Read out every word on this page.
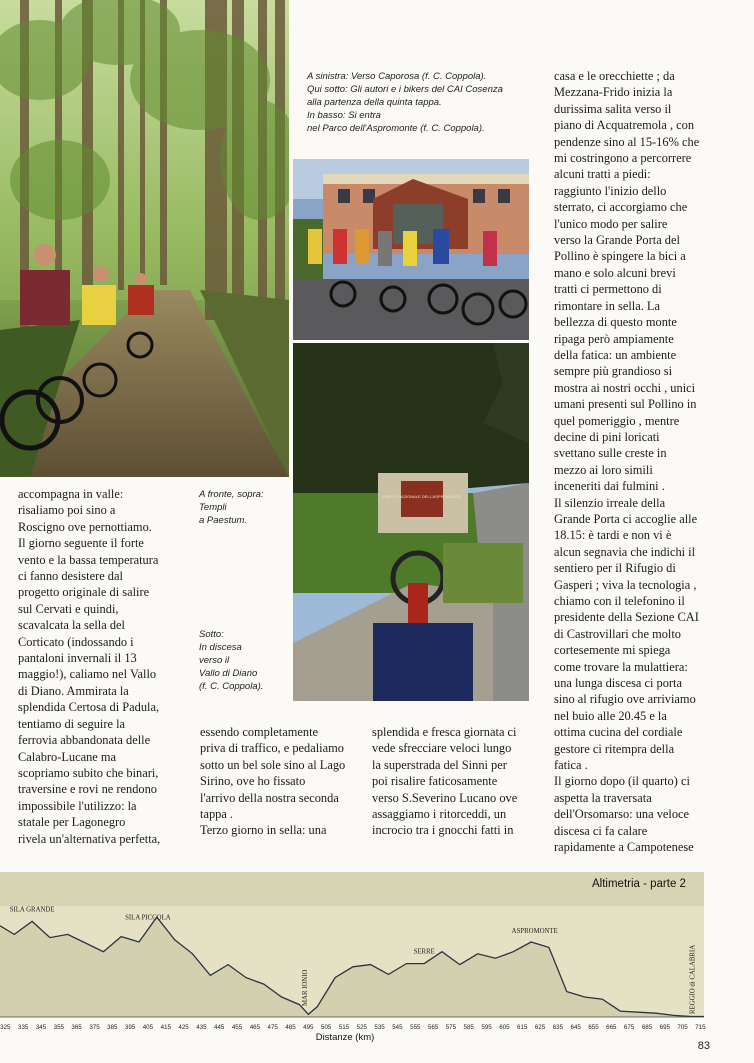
A sinistra: Verso Caporosa (f. C. Coppola).
Qui sotto: Gli autori e i bikers del CAI Cosenza
alla partenza della quinta tappa.
In basso: Si entra
nel Parco dell'Aspromonte (f. C. Coppola).
PARCO NAZIONALE DELL'ASPROMONTE
A fronte, sopra:
Templi
a Paestum.
Sotto:
In discesa
verso il
Vallo di Diano
(f. C. Coppola).
accompagna in valle:
risaliamo poi sino a
Roscigno ove pernottiamo.
Il giorno seguente il forte
vento e la bassa temperatura
ci fanno desistere dal
progetto originale di salire
sul Cervati e quindi,
scavalcata la sella del
Corticato (indossando i
pantaloni invernali il 13
maggio!), caliamo nel Vallo
di Diano. Ammirata la
splendida Certosa di Padula,
tentiamo di seguire la
ferrovia abbandonata delle
Calabro-Lucane ma
scopriamo subito che binari,
traversine e rovi ne rendono
impossibile l'utilizzo: la
statale per Lagonegro
rivela un'alternativa perfetta,
essendo completamente
priva di traffico, e pedaliamo
sotto un bel sole sino al Lago
Sirino, ove ho fissato
l'arrivo della nostra seconda
tappa .
Terzo giorno in sella: una
splendida e fresca giornata ci
vede sfrecciare veloci lungo
la superstrada del Sinni per
poi risalire faticosamente
verso S.Severino Lucano ove
assaggiamo i ritorceddi, un
incrocio tra i gnocchi fatti in
casa e le orecchiette ; da
Mezzana-Frido inizia la
durissima salita verso il
piano di Acquatremola , con
pendenze sino al 15-16% che
mi costringono a percorrere
alcuni tratti a piedi:
raggiunto l'inizio dello
sterrato, ci accorgiamo che
l'unico modo per salire
verso la Grande Porta del
Pollino è spingere la bici a
mano e solo alcuni brevi
tratti ci permettono di
rimontare in sella. La
bellezza di questo monte
ripaga però ampiamente
della fatica: un ambiente
sempre più grandioso si
mostra ai nostri occhi , unici
umani presenti sul Pollino in
quel pomeriggio , mentre
decine di pini loricati
svettano sulle creste in
mezzo ai loro simili
inceneriti dai fulmini .
Il silenzio irreale della
Grande Porta ci accoglie alle
18.15: è tardi e non vi è
alcun segnavia che indichi il
sentiero per il Rifugio di
Gasperi ; viva la tecnologia ,
chiamo con il telefonino il
presidente della Sezione CAI
di Castrovillari che molto
cortesemente mi spiega
come trovare la mulattiera:
una lunga discesa ci porta
sino al rifugio ove arriviamo
nel buio alle 20.45 e la
ottima cucina del cordiale
gestore ci ritempra della
fatica .
Il giorno dopo (il quarto) ci
aspetta la traversata
dell'Orsomarso: una veloce
discesa ci fa calare
rapidamente a Campotenese
Altimetria - parte 2
325 335 345 355 365 375 385 395 405 415 425 435 445 455 465 475 485 495 505 515 525 535 545 555 565 575 585 595 605 615 625 635 645 655 665 675 685 695 705 715
SILA GRANDE
SILA PICCOLA
MAR IONIO
SERRE
ASPROMONTE
REGGIO di CALABRIA
Distanze (km)
83
